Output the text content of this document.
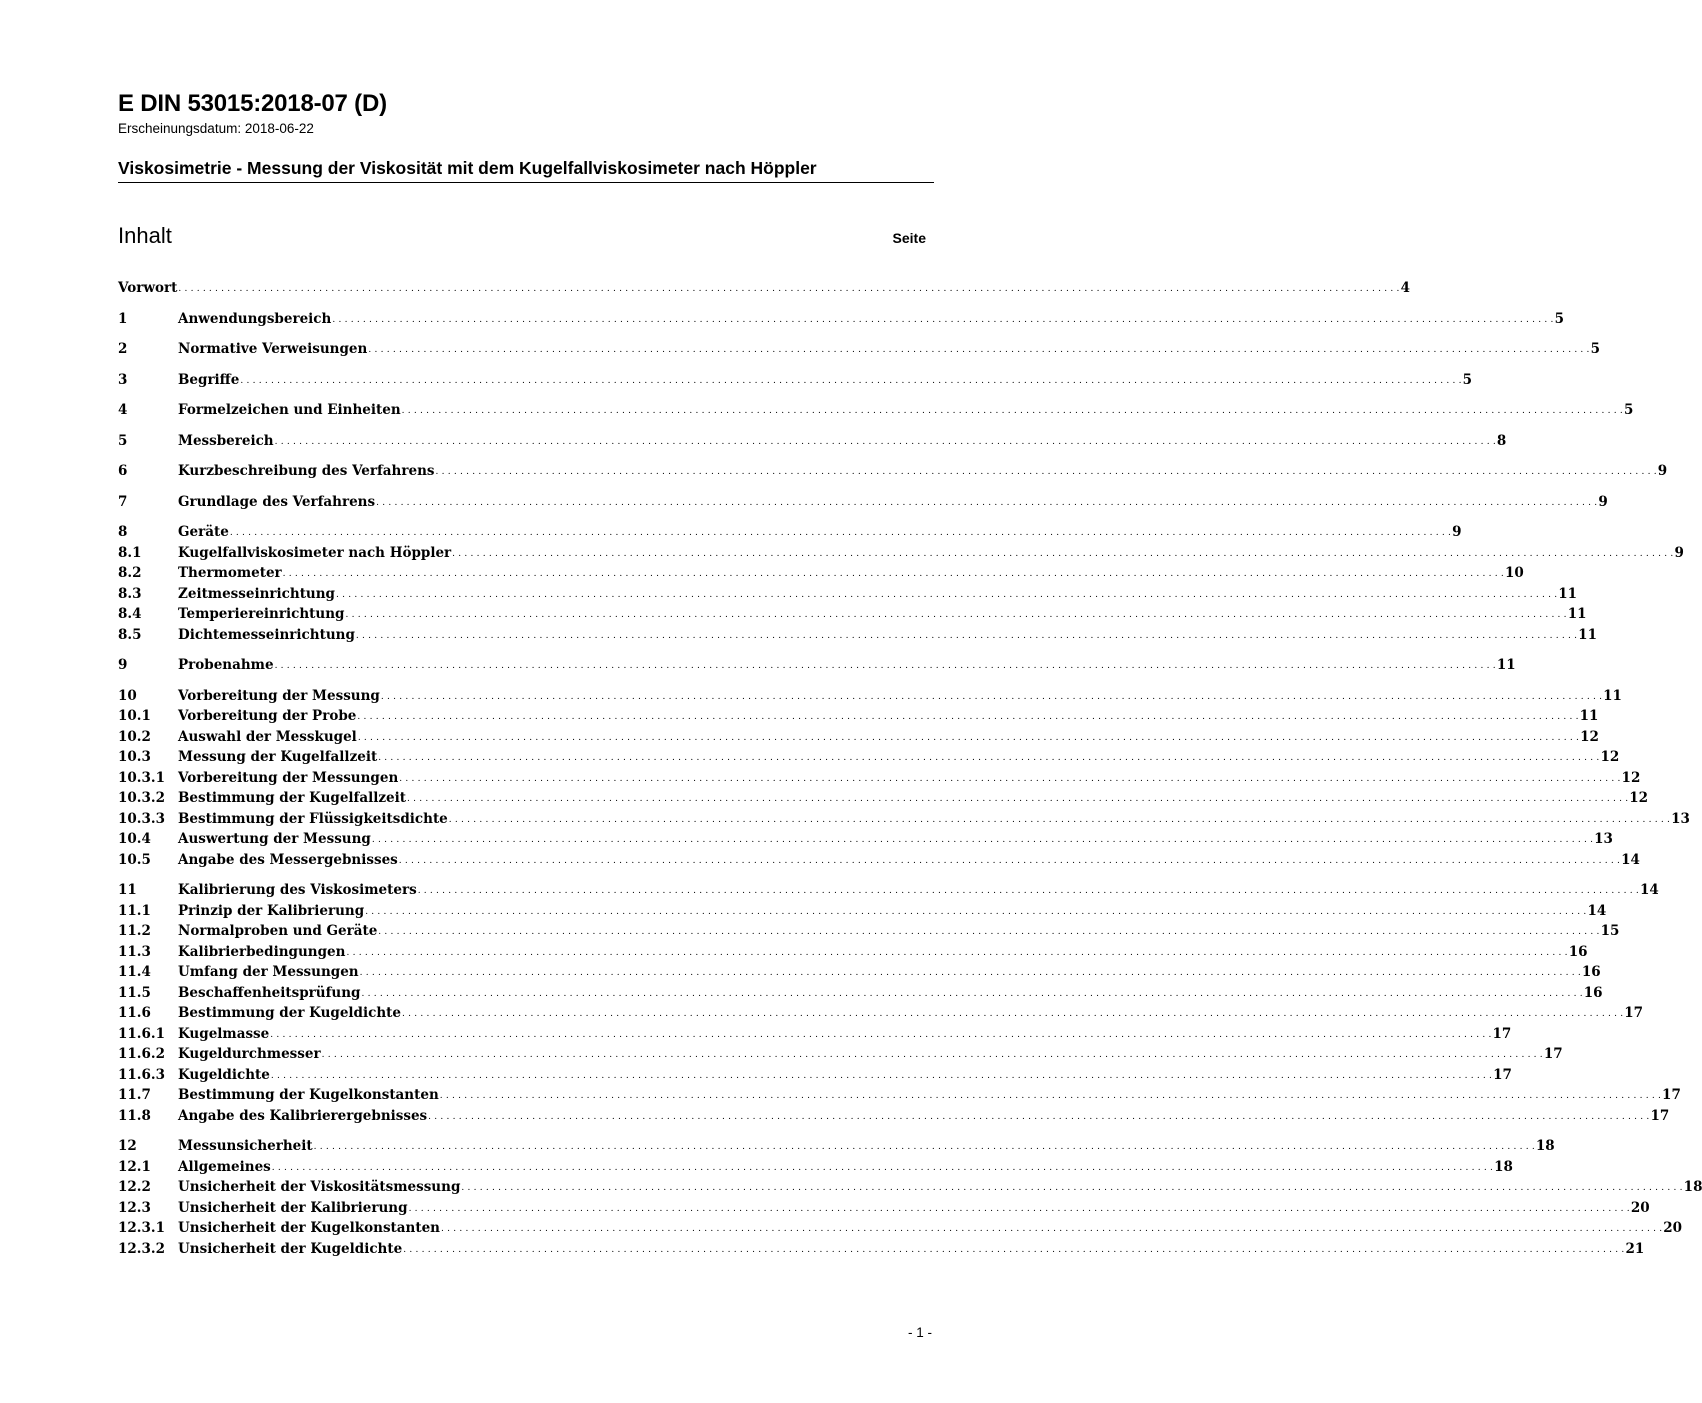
E DIN 53015:2018-07 (D)
Erscheinungsdatum: 2018-06-22
Viskosimetrie - Messung der Viskosität mit dem Kugelfallviskosimeter nach Höppler
Inhalt	Seite
Vorwort . . . . . . . . . . . . . . . . . . . . . . . . . . . . . . . . . . . . . . . . . . . . . . . . . . . . . . . . . . . . . . . . . . . . . . . . . . . . . . . . . . . . . . . . . . . . . . . . . . . . . . . . . . . . . . . . . . . . . . . . . . . . . . . . . . . . . . . . . . . . . . . . . . . . . . . . . . . . . . . . . . . . . . . . . . . . . . . . . . . . . . . . . . . . . . . . . . . . . . . . 4
1	Anwendungsbereich . . . . . . . . . . . . . . . . . . . . . . . . . . . . . . . . . . . . . . . . . . . . . . . . . . . . . . . . . . . . . . . . . . . . . . . . . . . . . . . . . . . . . . . . . . . . . . . . . . . . . . . . . . . . . . . . . . . . . . . . . . . . . . . . . . . . . . . . . . . . . . . . . . . . . . . . . . . . . . . . . . . . . . . . . . . . . . . . . . . . . . . . . . . . . . . . . . . . . . . . 5
2	Normative Verweisungen . . . . . . . . . . . . . . . . . . . . . . . . . . . . . . . . . . . . . . . . . . . . . . . . . . . . . . . . . . . . . . . . . . . . . . . . . . . . . . . . . . . . . . . . . . . . . . . . . . . . . . . . . . . . . . . . . . . . . . . . . . . . . . . . . . . . . . . . . . . . . . . . . . . . . . . . . . . . . . . . . . . . . . . . . . . . . . . . . . . . . . . . . . . . . . . . . . . . . . . . 5
3	Begriffe . . . . . . . . . . . . . . . . . . . . . . . . . . . . . . . . . . . . . . . . . . . . . . . . . . . . . . . . . . . . . . . . . . . . . . . . . . . . . . . . . . . . . . . . . . . . . . . . . . . . . . . . . . . . . . . . . . . . . . . . . . . . . . . . . . . . . . . . . . . . . . . . . . . . . . . . . . . . . . . . . . . . . . . . . . . . . . . . . . . . . . . . . . . . . . . . . . . . . . . . 5
4	Formelzeichen und Einheiten . . . . . . . . . . . . . . . . . . . . . . . . . . . . . . . . . . . . . . . . . . . . . . . . . . . . . . . . . . . . . . . . . . . . . . . . . . . . . . . . . . . . . . . . . . . . . . . . . . . . . . . . . . . . . . . . . . . . . . . . . . . . . . . . . . . . . . . . . . . . . . . . . . . . . . . . . . . . . . . . . . . . . . . . . . . . . . . . . . . . . . . . . . . . . . . . . . . . . . . . 5
5	Messbereich . . . . . . . . . . . . . . . . . . . . . . . . . . . . . . . . . . . . . . . . . . . . . . . . . . . . . . . . . . . . . . . . . . . . . . . . . . . . . . . . . . . . . . . . . . . . . . . . . . . . . . . . . . . . . . . . . . . . . . . . . . . . . . . . . . . . . . . . . . . . . . . . . . . . . . . . . . . . . . . . . . . . . . . . . . . . . . . . . . . . . . . . . . . . . . . . . . . . . . . . 8
6	Kurzbeschreibung des Verfahrens . . . . . . . . . . . . . . . . . . . . . . . . . . . . . . . . . . . . . . . . . . . . . . . . . . . . . . . . . . . . . . . . . . . . . . . . . . . . . . . . . . . . . . . . . . . . . . . . . . . . . . . . . . . . . . . . . . . . . . . . . . . . . . . . . . . . . . . . . . . . . . . . . . . . . . . . . . . . . . . . . . . . . . . . . . . . . . . . . . . . . . . . . . . . . . . . . . . . . . . . 9
7	Grundlage des Verfahrens . . . . . . . . . . . . . . . . . . . . . . . . . . . . . . . . . . . . . . . . . . . . . . . . . . . . . . . . . . . . . . . . . . . . . . . . . . . . . . . . . . . . . . . . . . . . . . . . . . . . . . . . . . . . . . . . . . . . . . . . . . . . . . . . . . . . . . . . . . . . . . . . . . . . . . . . . . . . . . . . . . . . . . . . . . . . . . . . . . . . . . . . . . . . . . . . . . . . . . . . 9
8	Geräte . . . . . . . . . . . . . . . . . . . . . . . . . . . . . . . . . . . . . . . . . . . . . . . . . . . . . . . . . . . . . . . . . . . . . . . . . . . . . . . . . . . . . . . . . . . . . . . . . . . . . . . . . . . . . . . . . . . . . . . . . . . . . . . . . . . . . . . . . . . . . . . . . . . . . . . . . . . . . . . . . . . . . . . . . . . . . . . . . . . . . . . . . . . . . . . . . . . . . . . . 9
8.1	Kugelfallviskosimeter nach Höppler . . . . . . . . . . . . . . . . . . . . . . . . . . . . . . . . . . . . . . . . . . . . . . . . . . . . . . . . . . . . . . . . . . . . . . . . . . . . . . . . . . . . . . . . . . . . . . . . . . . . . . . . . . . . . . . . . . . . . . . . . . . . . . . . . . . . . . . . . . . . . . . . . . . . . . . . . . . . . . . . . . . . . . . . . . . . . . . . . . . . . . . . . . . . . . . . . . . . . . . . 9
8.2	Thermometer . . . . . . . . . . . . . . . . . . . . . . . . . . . . . . . . . . . . . . . . . . . . . . . . . . . . . . . . . . . . . . . . . . . . . . . . . . . . . . . . . . . . . . . . . . . . . . . . . . . . . . . . . . . . . . . . . . . . . . . . . . . . . . . . . . . . . . . . . . . . . . . . . . . . . . . . . . . . . . . . . . . . . . . . . . . . . . . . . . . . . . . . . . . . . . . . . . . . . . . . 10
8.3	Zeitmesseinrichtung . . . . . . . . . . . . . . . . . . . . . . . . . . . . . . . . . . . . . . . . . . . . . . . . . . . . . . . . . . . . . . . . . . . . . . . . . . . . . . . . . . . . . . . . . . . . . . . . . . . . . . . . . . . . . . . . . . . . . . . . . . . . . . . . . . . . . . . . . . . . . . . . . . . . . . . . . . . . . . . . . . . . . . . . . . . . . . . . . . . . . . . . . . . . . . . . . . . . . . . . 11
8.4	Temperiereinrichtung . . . . . . . . . . . . . . . . . . . . . . . . . . . . . . . . . . . . . . . . . . . . . . . . . . . . . . . . . . . . . . . . . . . . . . . . . . . . . . . . . . . . . . . . . . . . . . . . . . . . . . . . . . . . . . . . . . . . . . . . . . . . . . . . . . . . . . . . . . . . . . . . . . . . . . . . . . . . . . . . . . . . . . . . . . . . . . . . . . . . . . . . . . . . . . . . . . . . . . . . 11
8.5	Dichtemesseinrichtung . . . . . . . . . . . . . . . . . . . . . . . . . . . . . . . . . . . . . . . . . . . . . . . . . . . . . . . . . . . . . . . . . . . . . . . . . . . . . . . . . . . . . . . . . . . . . . . . . . . . . . . . . . . . . . . . . . . . . . . . . . . . . . . . . . . . . . . . . . . . . . . . . . . . . . . . . . . . . . . . . . . . . . . . . . . . . . . . . . . . . . . . . . . . . . . . . . . . . . . . 11
9	Probenahme . . . . . . . . . . . . . . . . . . . . . . . . . . . . . . . . . . . . . . . . . . . . . . . . . . . . . . . . . . . . . . . . . . . . . . . . . . . . . . . . . . . . . . . . . . . . . . . . . . . . . . . . . . . . . . . . . . . . . . . . . . . . . . . . . . . . . . . . . . . . . . . . . . . . . . . . . . . . . . . . . . . . . . . . . . . . . . . . . . . . . . . . . . . . . . . . . . . . . . . . 11
10	Vorbereitung der Messung . . . . . . . . . . . . . . . . . . . . . . . . . . . . . . . . . . . . . . . . . . . . . . . . . . . . . . . . . . . . . . . . . . . . . . . . . . . . . . . . . . . . . . . . . . . . . . . . . . . . . . . . . . . . . . . . . . . . . . . . . . . . . . . . . . . . . . . . . . . . . . . . . . . . . . . . . . . . . . . . . . . . . . . . . . . . . . . . . . . . . . . . . . . . . . . . . . . . . . . . 11
10.1	Vorbereitung der Probe . . . . . . . . . . . . . . . . . . . . . . . . . . . . . . . . . . . . . . . . . . . . . . . . . . . . . . . . . . . . . . . . . . . . . . . . . . . . . . . . . . . . . . . . . . . . . . . . . . . . . . . . . . . . . . . . . . . . . . . . . . . . . . . . . . . . . . . . . . . . . . . . . . . . . . . . . . . . . . . . . . . . . . . . . . . . . . . . . . . . . . . . . . . . . . . . . . . . . . . . 11
10.2	Auswahl der Messkugel . . . . . . . . . . . . . . . . . . . . . . . . . . . . . . . . . . . . . . . . . . . . . . . . . . . . . . . . . . . . . . . . . . . . . . . . . . . . . . . . . . . . . . . . . . . . . . . . . . . . . . . . . . . . . . . . . . . . . . . . . . . . . . . . . . . . . . . . . . . . . . . . . . . . . . . . . . . . . . . . . . . . . . . . . . . . . . . . . . . . . . . . . . . . . . . . . . . . . . . . 12
10.3	Messung der Kugelfallzeit . . . . . . . . . . . . . . . . . . . . . . . . . . . . . . . . . . . . . . . . . . . . . . . . . . . . . . . . . . . . . . . . . . . . . . . . . . . . . . . . . . . . . . . . . . . . . . . . . . . . . . . . . . . . . . . . . . . . . . . . . . . . . . . . . . . . . . . . . . . . . . . . . . . . . . . . . . . . . . . . . . . . . . . . . . . . . . . . . . . . . . . . . . . . . . . . . . . . . . . . 12
10.3.1 Vorbereitung der Messungen . . . . . . . . . . . . . . . . . . . . . . . . . . . . . . . . . . . . . . . . . . . . . . . . . . . . . . . . . . . . . . . . . . . . . . . . . . . . . . . . . . . . . . . . . . . . . . . . . . . . . . . . . . . . . . . . . . . . . . . . . . . . . . . . . . . . . . . . . . . . . . . . . . . . . . . . . . . . . . . . . . . . . . . . . . . . . . . . . . . . . . . . . . . . . . . . . . . . . . . . 12
10.3.2 Bestimmung der Kugelfallzeit . . . . . . . . . . . . . . . . . . . . . . . . . . . . . . . . . . . . . . . . . . . . . . . . . . . . . . . . . . . . . . . . . . . . . . . . . . . . . . . . . . . . . . . . . . . . . . . . . . . . . . . . . . . . . . . . . . . . . . . . . . . . . . . . . . . . . . . . . . . . . . . . . . . . . . . . . . . . . . . . . . . . . . . . . . . . . . . . . . . . . . . . . . . . . . . . . . . . . . . . 12
10.3.3 Bestimmung der Flüssigkeitsdichte . . . . . . . . . . . . . . . . . . . . . . . . . . . . . . . . . . . . . . . . . . . . . . . . . . . . . . . . . . . . . . . . . . . . . . . . . . . . . . . . . . . . . . . . . . . . . . . . . . . . . . . . . . . . . . . . . . . . . . . . . . . . . . . . . . . . . . . . . . . . . . . . . . . . . . . . . . . . . . . . . . . . . . . . . . . . . . . . . . . . . . . . . . . . . . . . . . . . . . . . 13
10.4	Auswertung der Messung . . . . . . . . . . . . . . . . . . . . . . . . . . . . . . . . . . . . . . . . . . . . . . . . . . . . . . . . . . . . . . . . . . . . . . . . . . . . . . . . . . . . . . . . . . . . . . . . . . . . . . . . . . . . . . . . . . . . . . . . . . . . . . . . . . . . . . . . . . . . . . . . . . . . . . . . . . . . . . . . . . . . . . . . . . . . . . . . . . . . . . . . . . . . . . . . . . . . . . . . 13
10.5	Angabe des Messergebnisses . . . . . . . . . . . . . . . . . . . . . . . . . . . . . . . . . . . . . . . . . . . . . . . . . . . . . . . . . . . . . . . . . . . . . . . . . . . . . . . . . . . . . . . . . . . . . . . . . . . . . . . . . . . . . . . . . . . . . . . . . . . . . . . . . . . . . . . . . . . . . . . . . . . . . . . . . . . . . . . . . . . . . . . . . . . . . . . . . . . . . . . . . . . . . . . . . . . . . . . . 14
11	Kalibrierung des Viskosimeters . . . . . . . . . . . . . . . . . . . . . . . . . . . . . . . . . . . . . . . . . . . . . . . . . . . . . . . . . . . . . . . . . . . . . . . . . . . . . . . . . . . . . . . . . . . . . . . . . . . . . . . . . . . . . . . . . . . . . . . . . . . . . . . . . . . . . . . . . . . . . . . . . . . . . . . . . . . . . . . . . . . . . . . . . . . . . . . . . . . . . . . . . . . . . . . . . . . . . . . . 14
11.1	Prinzip der Kalibrierung . . . . . . . . . . . . . . . . . . . . . . . . . . . . . . . . . . . . . . . . . . . . . . . . . . . . . . . . . . . . . . . . . . . . . . . . . . . . . . . . . . . . . . . . . . . . . . . . . . . . . . . . . . . . . . . . . . . . . . . . . . . . . . . . . . . . . . . . . . . . . . . . . . . . . . . . . . . . . . . . . . . . . . . . . . . . . . . . . . . . . . . . . . . . . . . . . . . . . . . . 14
11.2	Normalproben und Geräte . . . . . . . . . . . . . . . . . . . . . . . . . . . . . . . . . . . . . . . . . . . . . . . . . . . . . . . . . . . . . . . . . . . . . . . . . . . . . . . . . . . . . . . . . . . . . . . . . . . . . . . . . . . . . . . . . . . . . . . . . . . . . . . . . . . . . . . . . . . . . . . . . . . . . . . . . . . . . . . . . . . . . . . . . . . . . . . . . . . . . . . . . . . . . . . . . . . . . . . . 15
11.3	Kalibrierbedingungen . . . . . . . . . . . . . . . . . . . . . . . . . . . . . . . . . . . . . . . . . . . . . . . . . . . . . . . . . . . . . . . . . . . . . . . . . . . . . . . . . . . . . . . . . . . . . . . . . . . . . . . . . . . . . . . . . . . . . . . . . . . . . . . . . . . . . . . . . . . . . . . . . . . . . . . . . . . . . . . . . . . . . . . . . . . . . . . . . . . . . . . . . . . . . . . . . . . . . . . . 16
11.4	Umfang der Messungen . . . . . . . . . . . . . . . . . . . . . . . . . . . . . . . . . . . . . . . . . . . . . . . . . . . . . . . . . . . . . . . . . . . . . . . . . . . . . . . . . . . . . . . . . . . . . . . . . . . . . . . . . . . . . . . . . . . . . . . . . . . . . . . . . . . . . . . . . . . . . . . . . . . . . . . . . . . . . . . . . . . . . . . . . . . . . . . . . . . . . . . . . . . . . . . . . . . . . . . . 16
11.5	Beschaffenheitsprüfung . . . . . . . . . . . . . . . . . . . . . . . . . . . . . . . . . . . . . . . . . . . . . . . . . . . . . . . . . . . . . . . . . . . . . . . . . . . . . . . . . . . . . . . . . . . . . . . . . . . . . . . . . . . . . . . . . . . . . . . . . . . . . . . . . . . . . . . . . . . . . . . . . . . . . . . . . . . . . . . . . . . . . . . . . . . . . . . . . . . . . . . . . . . . . . . . . . . . . . . . 16
11.6	Bestimmung der Kugeldichte . . . . . . . . . . . . . . . . . . . . . . . . . . . . . . . . . . . . . . . . . . . . . . . . . . . . . . . . . . . . . . . . . . . . . . . . . . . . . . . . . . . . . . . . . . . . . . . . . . . . . . . . . . . . . . . . . . . . . . . . . . . . . . . . . . . . . . . . . . . . . . . . . . . . . . . . . . . . . . . . . . . . . . . . . . . . . . . . . . . . . . . . . . . . . . . . . . . . . . . . 17
11.6.1 Kugelmasse . . . . . . . . . . . . . . . . . . . . . . . . . . . . . . . . . . . . . . . . . . . . . . . . . . . . . . . . . . . . . . . . . . . . . . . . . . . . . . . . . . . . . . . . . . . . . . . . . . . . . . . . . . . . . . . . . . . . . . . . . . . . . . . . . . . . . . . . . . . . . . . . . . . . . . . . . . . . . . . . . . . . . . . . . . . . . . . . . . . . . . . . . . . . . . . . . . . . . . . . 17
11.6.2 Kugeldurchmesser . . . . . . . . . . . . . . . . . . . . . . . . . . . . . . . . . . . . . . . . . . . . . . . . . . . . . . . . . . . . . . . . . . . . . . . . . . . . . . . . . . . . . . . . . . . . . . . . . . . . . . . . . . . . . . . . . . . . . . . . . . . . . . . . . . . . . . . . . . . . . . . . . . . . . . . . . . . . . . . . . . . . . . . . . . . . . . . . . . . . . . . . . . . . . . . . . . . . . . . . 17
11.6.3 Kugeldichte . . . . . . . . . . . . . . . . . . . . . . . . . . . . . . . . . . . . . . . . . . . . . . . . . . . . . . . . . . . . . . . . . . . . . . . . . . . . . . . . . . . . . . . . . . . . . . . . . . . . . . . . . . . . . . . . . . . . . . . . . . . . . . . . . . . . . . . . . . . . . . . . . . . . . . . . . . . . . . . . . . . . . . . . . . . . . . . . . . . . . . . . . . . . . . . . . . . . . . . . 17
11.7	Bestimmung der Kugelkonstanten . . . . . . . . . . . . . . . . . . . . . . . . . . . . . . . . . . . . . . . . . . . . . . . . . . . . . . . . . . . . . . . . . . . . . . . . . . . . . . . . . . . . . . . . . . . . . . . . . . . . . . . . . . . . . . . . . . . . . . . . . . . . . . . . . . . . . . . . . . . . . . . . . . . . . . . . . . . . . . . . . . . . . . . . . . . . . . . . . . . . . . . . . . . . . . . . . . . . . . . . 17
11.8	Angabe des Kalibrierergebnisses . . . . . . . . . . . . . . . . . . . . . . . . . . . . . . . . . . . . . . . . . . . . . . . . . . . . . . . . . . . . . . . . . . . . . . . . . . . . . . . . . . . . . . . . . . . . . . . . . . . . . . . . . . . . . . . . . . . . . . . . . . . . . . . . . . . . . . . . . . . . . . . . . . . . . . . . . . . . . . . . . . . . . . . . . . . . . . . . . . . . . . . . . . . . . . . . . . . . . . . . 17
12	Messunsicherheit . . . . . . . . . . . . . . . . . . . . . . . . . . . . . . . . . . . . . . . . . . . . . . . . . . . . . . . . . . . . . . . . . . . . . . . . . . . . . . . . . . . . . . . . . . . . . . . . . . . . . . . . . . . . . . . . . . . . . . . . . . . . . . . . . . . . . . . . . . . . . . . . . . . . . . . . . . . . . . . . . . . . . . . . . . . . . . . . . . . . . . . . . . . . . . . . . . . . . . . . 18
12.1	Allgemeines . . . . . . . . . . . . . . . . . . . . . . . . . . . . . . . . . . . . . . . . . . . . . . . . . . . . . . . . . . . . . . . . . . . . . . . . . . . . . . . . . . . . . . . . . . . . . . . . . . . . . . . . . . . . . . . . . . . . . . . . . . . . . . . . . . . . . . . . . . . . . . . . . . . . . . . . . . . . . . . . . . . . . . . . . . . . . . . . . . . . . . . . . . . . . . . . . . . . . . . . 18
12.2	Unsicherheit der Viskositätsmessung . . . . . . . . . . . . . . . . . . . . . . . . . . . . . . . . . . . . . . . . . . . . . . . . . . . . . . . . . . . . . . . . . . . . . . . . . . . . . . . . . . . . . . . . . . . . . . . . . . . . . . . . . . . . . . . . . . . . . . . . . . . . . . . . . . . . . . . . . . . . . . . . . . . . . . . . . . . . . . . . . . . . . . . . . . . . . . . . . . . . . . . . . . . . . . . . . . . . . . . . 18
12.3	Unsicherheit der Kalibrierung . . . . . . . . . . . . . . . . . . . . . . . . . . . . . . . . . . . . . . . . . . . . . . . . . . . . . . . . . . . . . . . . . . . . . . . . . . . . . . . . . . . . . . . . . . . . . . . . . . . . . . . . . . . . . . . . . . . . . . . . . . . . . . . . . . . . . . . . . . . . . . . . . . . . . . . . . . . . . . . . . . . . . . . . . . . . . . . . . . . . . . . . . . . . . . . . . . . . . . . . 20
12.3.1 Unsicherheit der Kugelkonstanten . . . . . . . . . . . . . . . . . . . . . . . . . . . . . . . . . . . . . . . . . . . . . . . . . . . . . . . . . . . . . . . . . . . . . . . . . . . . . . . . . . . . . . . . . . . . . . . . . . . . . . . . . . . . . . . . . . . . . . . . . . . . . . . . . . . . . . . . . . . . . . . . . . . . . . . . . . . . . . . . . . . . . . . . . . . . . . . . . . . . . . . . . . . . . . . . . . . . . . . . 20
12.3.2 Unsicherheit der Kugeldichte . . . . . . . . . . . . . . . . . . . . . . . . . . . . . . . . . . . . . . . . . . . . . . . . . . . . . . . . . . . . . . . . . . . . . . . . . . . . . . . . . . . . . . . . . . . . . . . . . . . . . . . . . . . . . . . . . . . . . . . . . . . . . . . . . . . . . . . . . . . . . . . . . . . . . . . . . . . . . . . . . . . . . . . . . . . . . . . . . . . . . . . . . . . . . . . . . . . . . . . . 21
- 1 -
